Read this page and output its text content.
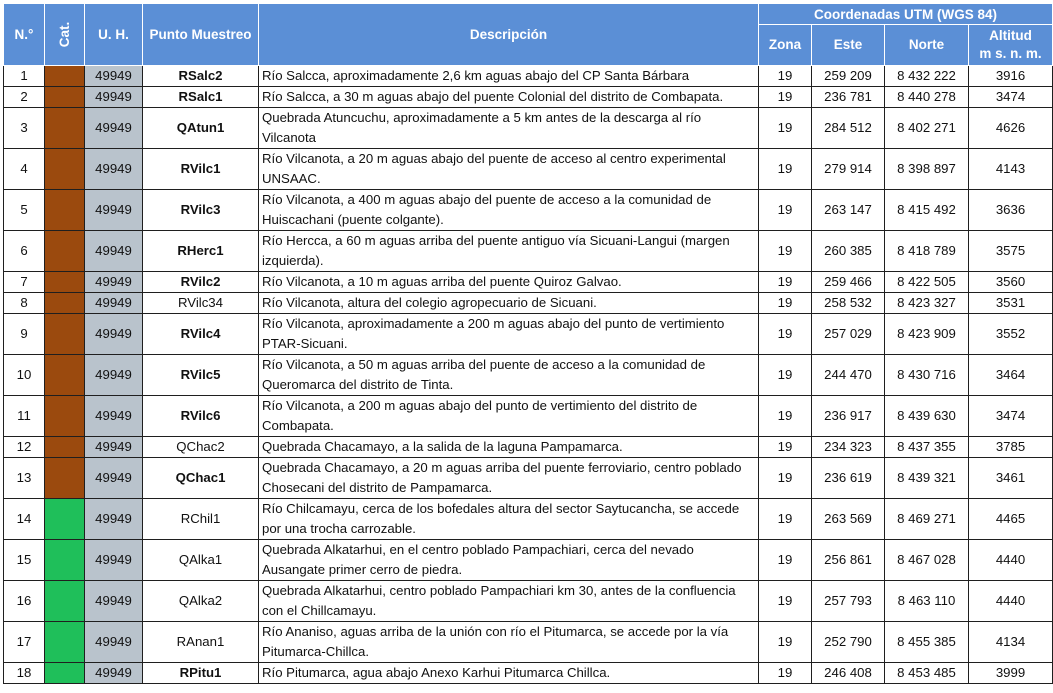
N.°	Cat.	U. H.	Punto Muestreo	Descripción	Coordenadas UTM (WGS 84)			
					Zona	Este	Norte	Altitud
m s. n. m.
1		49949	RSalc2	Río Salcca, aproximadamente 2,6 km aguas abajo del CP Santa Bárbara	19	259 209	8 432 222	3916
2		49949	RSalc1	Río Salcca, a 30 m aguas abajo del puente Colonial del distrito de Combapata.	19	236 781	8 440 278	3474
3		49949	QAtun1	Quebrada Atuncuchu, aproximadamente a 5 km antes de la descarga al río Vilcanota	19	284 512	8 402 271	4626
4		49949	RVilc1	Río Vilcanota, a 20 m aguas abajo del puente de acceso al centro experimental UNSAAC.	19	279 914	8 398 897	4143
5		49949	RVilc3	Río Vilcanota, a 400 m aguas abajo del puente de acceso a la comunidad de Huiscachani (puente colgante).	19	263 147	8 415 492	3636
6		49949	RHerc1	Río Hercca, a 60 m aguas arriba del puente antiguo vía Sicuani-Langui (margen izquierda).	19	260 385	8 418 789	3575
7		49949	RVilc2	Río Vilcanota, a 10 m aguas arriba del puente Quiroz Galvao.	19	259 466	8 422 505	3560
8		49949	RVilc34	Río Vilcanota, altura del colegio agropecuario de Sicuani.	19	258 532	8 423 327	3531
9		49949	RVilc4	Río Vilcanota, aproximadamente a 200 m aguas abajo del punto de vertimiento PTAR-Sicuani.	19	257 029	8 423 909	3552
10		49949	RVilc5	Río Vilcanota, a 50 m aguas arriba del puente de acceso a la comunidad de Queromarca del distrito de Tinta.	19	244 470	8 430 716	3464
11		49949	RVilc6	Río Vilcanota, a 200 m aguas abajo del punto de vertimiento del distrito de Combapata.	19	236 917	8 439 630	3474
12		49949	QChac2	Quebrada Chacamayo, a la salida de la laguna Pampamarca.	19	234 323	8 437 355	3785
13		49949	QChac1	Quebrada Chacamayo, a 20 m aguas arriba del puente ferroviario, centro poblado Chosecani del distrito de Pampamarca.	19	236 619	8 439 321	3461
14		49949	RChil1	Río Chilcamayu, cerca de los bofedales altura del sector Saytucancha, se accede por una trocha carrozable.	19	263 569	8 469 271	4465
15		49949	QAlka1	Quebrada Alkatarhui, en el centro poblado Pampachiari, cerca del nevado Ausangate primer cerro de piedra.	19	256 861	8 467 028	4440
16		49949	QAlka2	Quebrada Alkatarhui, centro poblado Pampachiari km 30, antes de la confluencia con el Chillcamayu.	19	257 793	8 463 110	4440
17		49949	RAnan1	Río Ananiso, aguas arriba de la unión con río el Pitumarca, se accede por la vía Pitumarca-Chillca.	19	252 790	8 455 385	4134
18		49949	RPitu1	Río Pitumarca, agua abajo Anexo Karhui Pitumarca Chillca.	19	246 408	8 453 485	3999
